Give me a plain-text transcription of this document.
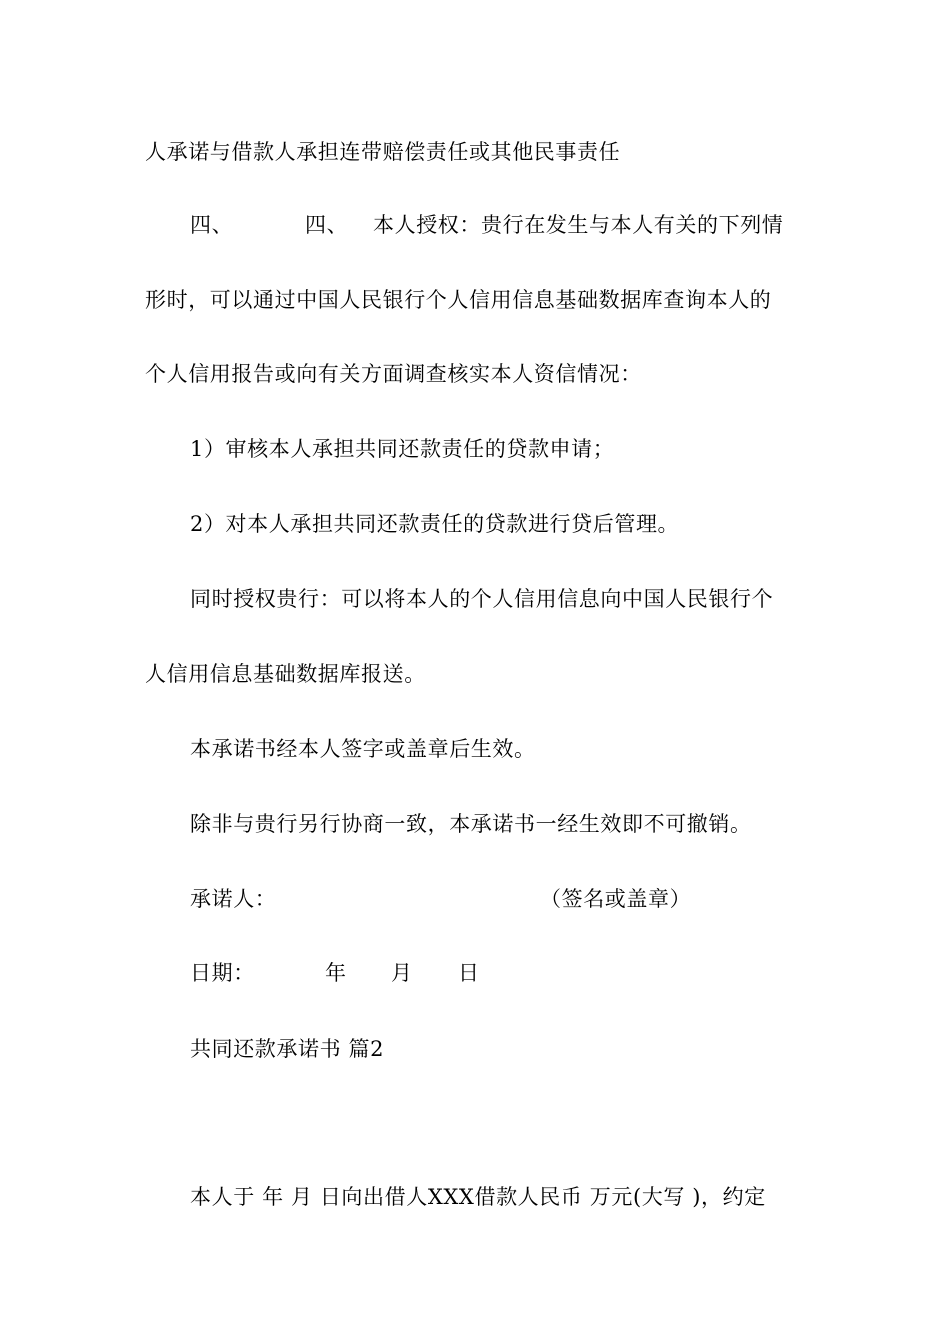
人承诺与借款人承担连带赔偿责任或其他民事责任
四、	四、 本人授权：贵行在发生与本人有关的下列情
形时，可以通过中国人民银行个人信用信息基础数据库查询本人的
个人信用报告或向有关方面调查核实本人资信情况：
1）审核本人承担共同还款责任的贷款申请；
2）对本人承担共同还款责任的贷款进行贷后管理。
同时授权贵行：可以将本人的个人信用信息向中国人民银行个
人信用信息基础数据库报送。
本承诺书经本人签字或盖章后生效。
除非与贵行另行协商一致，本承诺书一经生效即不可撤销。
承诺人：	（签名或盖章）
日期：	年 月 日
共同还款承诺书 篇2
本人于 年 月 日向出借人XXX借款人民币 万元(大写 )，约定
